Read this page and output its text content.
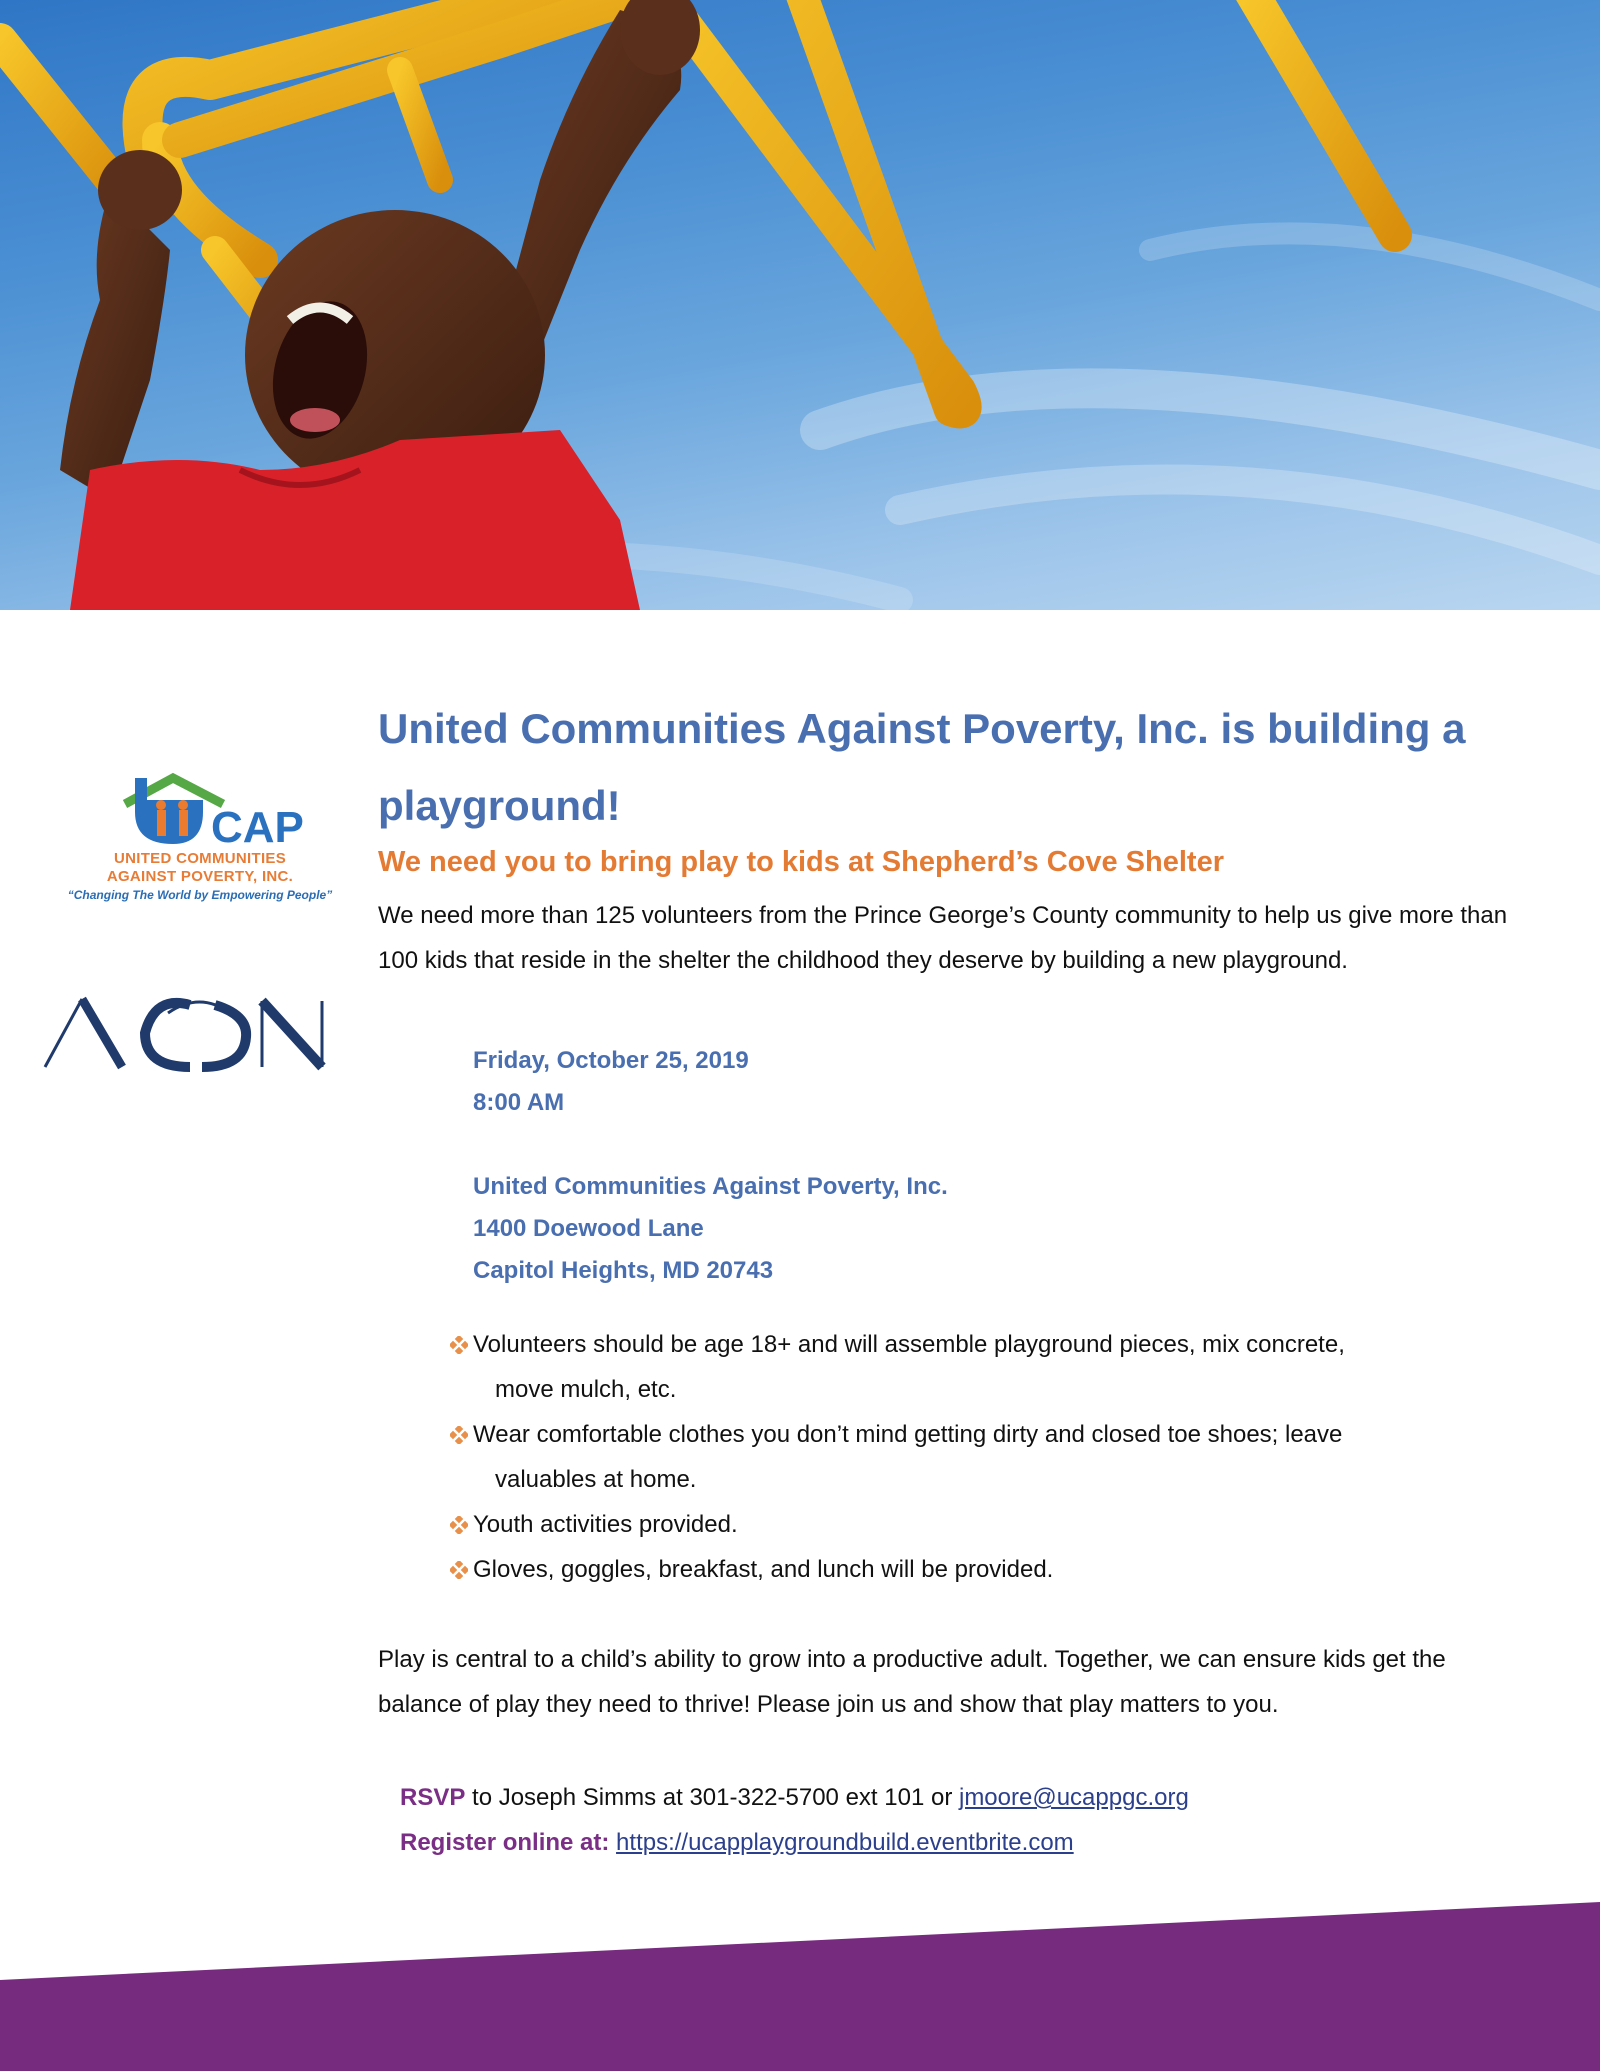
CAP
UNITED COMMUNITIES
AGAINST POVERTY, INC.
“Changing The World by Empowering People”
United Communities Against Poverty, Inc. is building a playground!
We need you to bring play to kids at Shepherd’s Cove Shelter

We need more than 125 volunteers from the Prince George’s County community to help us give more than 100 kids that reside in the shelter the childhood they deserve by building a new playground.

Friday, October 25, 2019
8:00 AM
United Communities Against Poverty, Inc.
1400 Doewood Lane
Capitol Heights, MD 20743
Volunteers should be age 18+ and will assemble playground pieces, mix concrete,
move mulch, etc.
Wear comfortable clothes you don’t mind getting dirty and closed toe shoes; leave
valuables at home.
Youth activities provided.
Gloves, goggles, breakfast, and lunch will be provided.

Play is central to a child’s ability to grow into a productive adult. Together, we can ensure kids get the balance of play they need to thrive! Please join us and show that play matters to you.

RSVP to Joseph Simms at 301-322-5700 ext 101 or jmoore@ucappgc.org
Register online at: https://ucapplaygroundbuild.eventbrite.com
